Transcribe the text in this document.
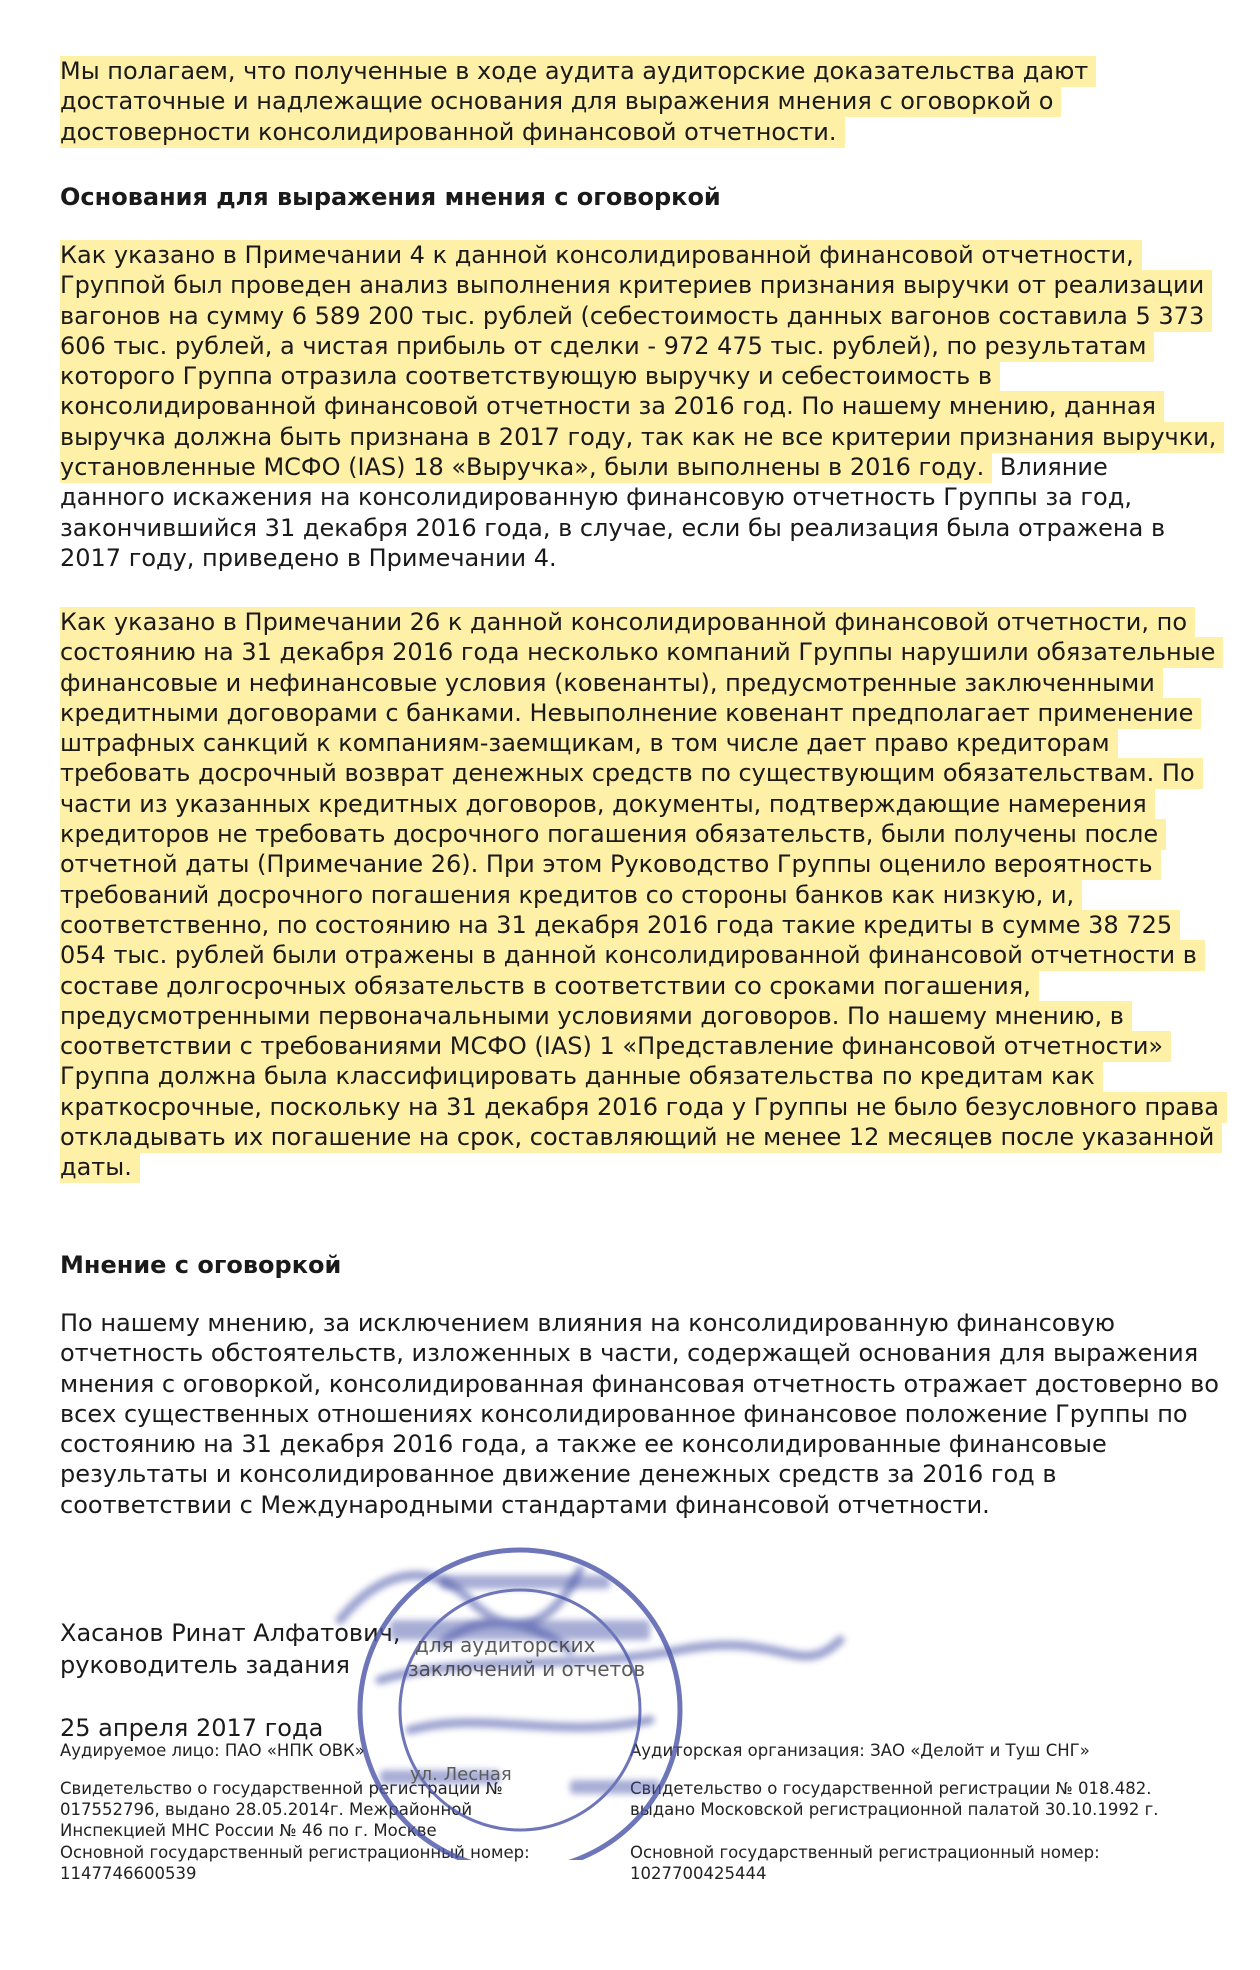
Мы полагаем, что полученные в ходе аудита аудиторские доказательства дают достаточные и надлежащие основания для выражения мнения с оговоркой о достоверности консолидированной финансовой отчетности.

Основания для выражения мнения с оговоркой

Как указано в Примечании 4 к данной консолидированной финансовой отчетности, Группой был проведен анализ выполнения критериев признания выручки от реализации вагонов на сумму 6 589 200 тыс. рублей (себестоимость данных вагонов составила 5 373 606 тыс. рублей, а чистая прибыль от сделки - 972 475 тыс. рублей), по результатам которого Группа отразила соответствующую выручку и себестоимость в консолидированной финансовой отчетности за 2016 год. По нашему мнению, данная выручка должна быть признана в 2017 году, так как не все критерии признания выручки, установленные МСФО (IAS) 18 «Выручка», были выполнены в 2016 году. Влияние данного искажения на консолидированную финансовую отчетность Группы за год, закончившийся 31 декабря 2016 года, в случае, если бы реализация была отражена в 2017 году, приведено в Примечании 4.

Как указано в Примечании 26 к данной консолидированной финансовой отчетности, по состоянию на 31 декабря 2016 года несколько компаний Группы нарушили обязательные финансовые и нефинансовые условия (ковенанты), предусмотренные заключенными кредитными договорами с банками. Невыполнение ковенант предполагает применение штрафных санкций к компаниям-заемщикам, в том числе дает право кредиторам требовать досрочный возврат денежных средств по существующим обязательствам. По части из указанных кредитных договоров, документы, подтверждающие намерения кредиторов не требовать досрочного погашения обязательств, были получены после отчетной даты (Примечание 26). При этом Руководство Группы оценило вероятность требований досрочного погашения кредитов со стороны банков как низкую, и, соответственно, по состоянию на 31 декабря 2016 года такие кредиты в сумме 38 725 054 тыс. рублей были отражены в данной консолидированной финансовой отчетности в составе долгосрочных обязательств в соответствии со сроками погашения, предусмотренными первоначальными условиями договоров. По нашему мнению, в соответствии с требованиями МСФО (IAS) 1 «Представление финансовой отчетности» Группа должна была классифицировать данные обязательства по кредитам как краткосрочные, поскольку на 31 декабря 2016 года у Группы не было безусловного права откладывать их погашение на срок, составляющий не менее 12 месяцев после указанной даты.

Мнение с оговоркой

По нашему мнению, за исключением влияния на консолидированную финансовую отчетность обстоятельств, изложенных в части, содержащей основания для выражения мнения с оговоркой, консолидированная финансовая отчетность отражает достоверно во всех существенных отношениях консолидированное финансовое положение Группы по состоянию на 31 декабря 2016 года, а также ее консолидированные финансовые результаты и консолидированное движение денежных средств за 2016 год в соответствии с Международными стандартами финансовой отчетности.

Хасанов Ринат Алфатович,

руководитель задания

25 апреля 2017 года

Аудируемое лицо: ПАО «НПК ОВК»

Свидетельство о государственной регистрации № 017552796, выдано 28.05.2014г. Межрайонной Инспекцией МНС России № 46 по г. Москве

Основной государственный регистрационный номер:
1147746600539

Аудиторская организация: ЗАО «Делойт и Туш СНГ»

Свидетельство о государственной регистрации № 018.482. выдано Московской регистрационной палатой 30.10.1992 г.

Основной государственный регистрационный номер:
1027700425444

для аудиторских
заключений и отчетов
ул. Лесная
